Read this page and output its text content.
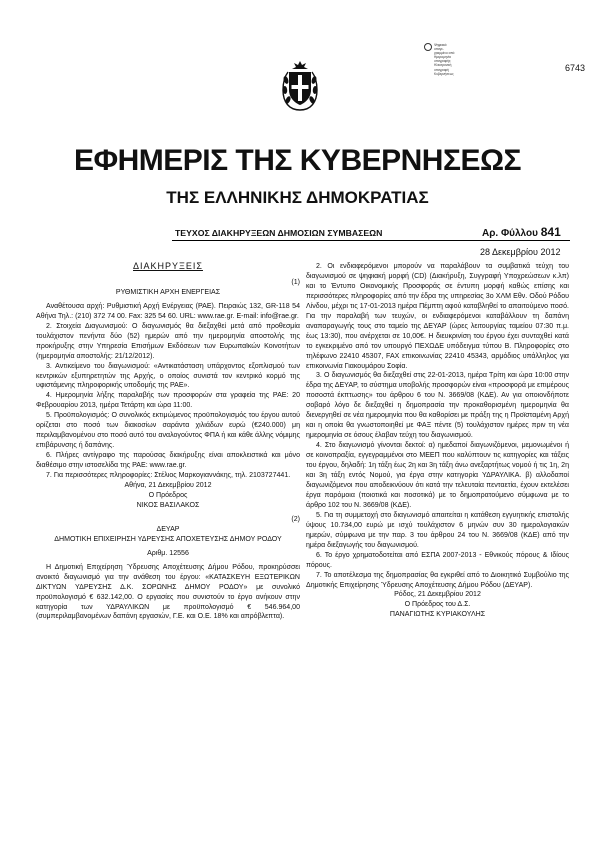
Ψηφιακά
υπογε-
γραμμένο από
Ημερομηνία
υπογραφής:
Ηλεκτρονική
υπογραφή
Κυβερνήσεως
6743
ΕΦΗΜΕΡΙΣ ΤΗΣ ΚΥΒΕΡΝΗΣΕΩΣ
ΤΗΣ ΕΛΛΗΝΙΚΗΣ ΔΗΜΟΚΡΑΤΙΑΣ
ΤΕΥΧΟΣ ΔΙΑΚΗΡΥΞΕΩΝ ΔΗΜΟΣΙΩΝ ΣΥΜΒΑΣΕΩΝ	Αρ. Φύλλου 841
28 Δεκεμβρίου 2012
ΔΙΑΚΗΡΥΞΕΙΣ
(1)
ΡΥΘΜΙΣΤΙΚΗ ΑΡΧΗ ΕΝΕΡΓΕΙΑΣ

Αναθέτουσα αρχή: Ρυθμιστική Αρχή Ενέργειας (ΡΑΕ). Πειραιώς 132, GR-118 54 Αθήνα Τηλ.: (210) 372 74 00. Fax: 325 54 60. URL: www.rae.gr. E-mail: info@rae.gr.

2. Στοιχεία Διαγωνισμού: Ο διαγωνισμός θα διεξαχθεί μετά από προθεσμία τουλάχιστον πενήντα δύο (52) ημερών από την ημερομηνία αποστολής της προκήρυξης στην Υπηρεσία Επισήμων Εκδόσεων των Ευρωπαϊκών Κοινοτήτων (ημερομηνία αποστολής: 21/12/2012).

3. Αντικείμενο του διαγωνισμού: «Αντικατάσταση υπάρχοντος εξοπλισμού των κεντρικών εξυπηρετητών της Αρχής, ο οποίος συνιστά τον κεντρικό κορμό της υφιστάμενης πληροφορικής υποδομής της ΡΑΕ».

4. Ημερομηνία λήξης παραλαβής των προσφορών στα γραφεία της ΡΑΕ: 20 Φεβρουαρίου 2013, ημέρα Τετάρτη και ώρα 11:00.

5. Προϋπολογισμός: Ο συνολικός εκτιμώμενος προϋπολογισμός του έργου αυτού ορίζεται στο ποσό των διακοσίων σαράντα χιλιάδων ευρώ (€240.000) μη περιλαμβανομένου στο ποσό αυτό του αναλογούντος ΦΠΑ ή και κάθε άλλης νόμιμης επιβάρυνσης ή δαπάνης.

6. Πλήρες αντίγραφο της παρούσας διακήρυξης είναι αποκλειστικά και μόνο διαθέσιμο στην ιστοσελίδα της ΡΑΕ: www.rae.gr.

7. Για περισσότερες πληροφορίες: Στέλιος Μαρκογιαννάκης, τηλ. 2103727441.

Αθήνα, 21 Δεκεμβρίου 2012
Ο Πρόεδρος
ΝΙΚΟΣ ΒΑΣΙΛΑΚΟΣ
(2)
ΔΕΥΑΡ
ΔΗΜΟΤΙΚΗ ΕΠΙΧΕΙΡΗΣΗ ΥΔΡΕΥΣΗΣ ΑΠΟΧΕΤΕΥΣΗΣ ΔΗΜΟΥ ΡΟΔΟΥ
Αριθμ. 12556

Η Δημοτική Επιχείρηση Ύδρευσης Αποχέτευσης Δήμου Ρόδου, προκηρύσσει ανοικτό διαγωνισμό για την ανάθεση του έργου: «ΚΑΤΑΣΚΕΥΗ ΕΞΩΤΕΡΙΚΩΝ ΔΙΚΤΥΩΝ ΥΔΡΕΥΣΗΣ Δ.Κ. ΣΟΡΩΝΗΣ ΔΗΜΟΥ ΡΟΔΟΥ» με συνολικό προϋπολογισμό € 632.142,00. Ο εργασίες που συνιστούν το έργο ανήκουν στην κατηγορία των ΥΔΡΑΥΛΙΚΩΝ με προϋπολογισμό € 546.964,00 (συμπεριλαμβανομένων δαπάνη εργασιών, Γ.Ε. και Ο.Ε. 18% και απρόβλεπτα).

2. Οι ενδιαφερόμενοι μπορούν να παραλάβουν τα συμβατικά τεύχη του διαγωνισμού σε ψηφιακή μορφή (CD) (Διακήρυξη, Συγγραφή Υποχρεώσεων κ.λπ) και το Έντυπο Οικονομικής Προσφοράς σε έντυπη μορφή καθώς επίσης και περισσότερες πληροφορίες από την έδρα της υπηρεσίας 3ο ΧΛΜ Εθν. Οδού Ρόδου Λίνδου, μέχρι τις 17-01-2013 ημέρα Πέμπτη αφού καταβληθεί το απαιτούμενο ποσό. Για την παραλαβή των τευχών, οι ενδιαφερόμενοι καταβάλλουν τη δαπάνη αναπαραγωγής τους στο ταμείο της ΔΕΥΑΡ (ώρες λειτουργίας ταμείου 07:30 π.μ. έως 13:30), που ανέρχεται σε 10,00€. Η διευκρινίση του έργου έχει συνταχθεί κατά το εγκεκριμένο από τον υπουργό ΠΕΧΩΔΕ υπόδειγμα τύπου Β. Πληροφορίες στο τηλέφωνο 22410 45307, FAX επικοινωνίας 22410 45343, αρμόδιος υπάλληλος για επικοινωνία Γιακουμάρου Σοφία.

3. Ο διαγωνισμός θα διεξαχθεί στις 22-01-2013, ημέρα Τρίτη και ώρα 10:00 στην έδρα της ΔΕΥΑΡ, το σύστημα υποβολής προσφορών είναι «προσφορά με επιμέρους ποσοστά έκπτωσης» του άρθρου 6 του Ν. 3669/08 (ΚΔΕ). Αν για οποιονδήποτε σοβαρό λόγο δε διεξαχθεί η δημοπρασία την προκαθορισμένη ημερομηνία θα διενεργηθεί σε νέα ημερομηνία που θα καθορίσει με πράξη της η Προϊσταμένη Αρχή και η οποία θα γνωστοποιηθεί με ΦΑΞ πέντε (5) τουλάχιστον ημέρες πριν τη νέα ημερομηνία σε όσους έλαβαν τεύχη του διαγωνισμού.

4. Στο διαγωνισμό γίνονται δεκτοί: α) ημεδαποί διαγωνιζόμενοι, μεμονωμένοι ή σε κοινοπραξία, εγγεγραμμένοι στο ΜΕΕΠ που καλύπτουν τις κατηγορίες και τάξεις του έργου, δηλαδή: 1η τάξη έως 2η και 3η τάξη άνω ανεξαρτήτως νομού ή τις 1η, 2η και 3η τάξη εντός Νομού, για έργα στην κατηγορία ΥΔΡΑΥΛΙΚΑ. β) αλλοδαποί διαγωνιζόμενοι που αποδεικνύουν ότι κατά την τελευταία πενταετία, έχουν εκτελέσει έργα παρόμοια (ποιοτικά και ποσοτικά) με το δημοπρατούμενο σύμφωνα με το άρθρο 102 του Ν. 3669/08 (ΚΔΕ).

5. Για τη συμμετοχή στο διαγωνισμό απαιτείται η κατάθεση εγγυητικής επιστολής ύψους 10.734,00 ευρώ με ισχύ τουλάχιστον 6 μηνών συν 30 ημερολογιακών ημερών, σύμφωνα με την παρ. 3 του άρθρου 24 του Ν. 3669/08 (ΚΔΕ) από την ημέρα διεξαγωγής του διαγωνισμού.

6. Το έργο χρηματοδοτείται από ΕΣΠΑ 2007-2013 - Εθνικούς πόρους & Ιδίους πόρους.

7. Το αποτέλεσμα της δημοπρασίας θα εγκριθεί από το Διοικητικό Συμβούλιο της Δημοτικής Επιχείρησης Ύδρευσης Αποχέτευσης Δήμου Ρόδου (ΔΕΥΑΡ).

Ρόδος, 21 Δεκεμβρίου 2012
Ο Πρόεδρος του Δ.Σ.
ΠΑΝΑΓΙΩΤΗΣ ΚΥΡΙΑΚΟΥΛΗΣ
